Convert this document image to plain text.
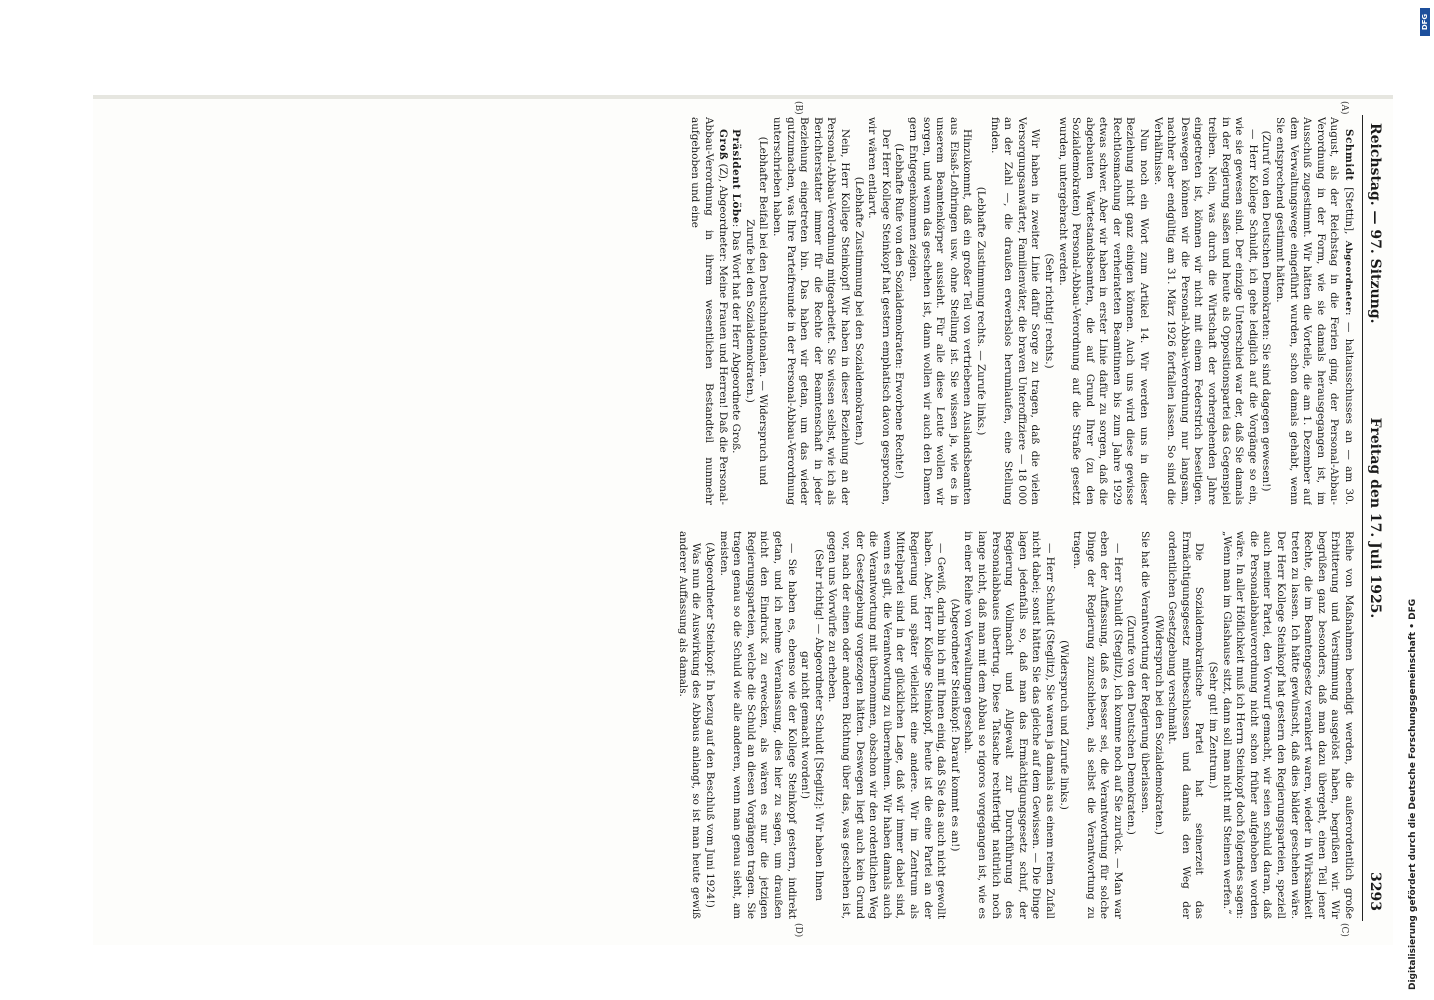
Reichstag. — 97. Sitzung.
Freitag den 17. Juli 1925.
3293
(A)
(B)
(C)
(D)

Schmidt [Stettin], Abgeordneter: — haltausschusses an — am 30. August, als der Reichstag in die Ferien ging, der Personal-Abbau-Verordnung in der Form, wie sie damals herausgegangen ist, im Ausschuß zugestimmt. Wir hätten die Vorteile, die am 1. Dezember auf dem Verwaltungswege eingeführt wurden, schon damals gehabt, wenn Sie entsprechend gestimmt hätten.

(Zuruf von den Deutschen Demokraten: Sie sind dagegen gewesen!)

— Herr Kollege Schuldt, ich gehe lediglich auf die Vorgänge so ein, wie sie gewesen sind. Der einzige Unterschied war der, daß Sie damals in der Regierung saßen und heute als Oppositionspartei das Gegenspiel treiben. Nein, was durch die Wirtschaft der vorhergehenden Jahre eingetreten ist, können wir nicht mit einem Federstrich beseitigen. Deswegen können wir die Personal-Abbau-Verordnung nur langsam, nachher aber endgültig am 31. März 1926 fortfallen lassen. So sind die Verhältnisse.

Nun noch ein Wort zum Artikel 14. Wir werden uns in dieser Beziehung nicht ganz einigen können. Auch uns wird diese gewisse Rechtlosmachung der verheirateten Beamtinnen bis zum Jahre 1929 etwas schwer. Aber wir haben in erster Linie dafür zu sorgen, daß die abgebauten Wartestandsbeamten, die auf Grund Ihrer (zu den Sozialdemokraten) Personal-Abbau-Verordnung auf die Straße gesetzt wurden, untergebracht werden.

(Sehr richtig! rechts.)

Wir haben in zweiter Linie dafür Sorge zu tragen, daß die vielen Versorgungsanwärter, Familienväter, die braven Unteroffiziere — 18 000 an der Zahl —, die draußen erwerbslos herumlaufen, eine Stellung finden.

(Lebhafte Zustimmung rechts. — Zurufe links.)

Hinzukommt, daß ein großer Teil von vertriebenen Auslandsbeamten aus Elsaß-Lothringen usw. ohne Stellung ist. Sie wissen ja, wie es in unserem Beamtenkörper aussieht. Für alle diese Leute wollen wir sorgen, und wenn das geschehen ist, dann wollen wir auch den Damen gern Entgegenkommen zeigen.

(Lebhafte Rufe von den Sozialdemokraten: Erworbene Rechte!)

Der Herr Kollege Steinkopf hat gestern emphatisch davon gesprochen, wir wären entlarvt.

(Lebhafte Zustimmung bei den Sozialdemokraten.)

Nein, Herr Kollege Steinkopf! Wir haben in dieser Beziehung an der Personal-Abbau-Verordnung mitgearbeitet. Sie wissen selbst, wie ich als Berichterstatter immer für die Rechte der Beamtenschaft in jeder Beziehung eingetreten bin. Das haben wir getan, um das wieder gutzumachen, was Ihre Parteifreunde in der Personal-Abbau-Verordnung unterschrieben haben.

(Lebhafter Beifall bei den Deutschnationalen. — Widerspruch und Zurufe bei den Sozialdemokraten.)

Präsident Löbe: Das Wort hat der Herr Abgeordnete Groß.

Groß (Z), Abgeordneter: Meine Frauen und Herren! Daß die Personal-Abbau-Verordnung in ihrem wesentlichen Bestandteil nunmehr aufgehoben und eine

Reihe von Maßnahmen beendigt werden, die außerordentlich große Erbitterung und Verstimmung ausgelöst haben, begrüßen wir. Wir begrüßen ganz besonders, daß man dazu übergeht, einen Teil jener Rechte, die im Beamtengesetz verankert waren, wieder in Wirksamkeit treten zu lassen. Ich hätte gewünscht, daß dies bälder geschehen wäre. Der Herr Kollege Steinkopf hat gestern den Regierungsparteien, speziell auch meiner Partei, den Vorwurf gemacht, wir seien schuld daran, daß die Personalabbauverordnung nicht schon früher aufgehoben worden wäre. In aller Höflichkeit muß ich Herrn Steinkopf doch folgendes sagen: „Wenn man im Glashause sitzt, dann soll man nicht mit Steinen werfen.“

(Sehr gut! im Zentrum.)

Die Sozialdemokratische Partei hat seinerzeit das Ermächtigungsgesetz mitbeschlossen und damals den Weg der ordentlichen Gesetzgebung verschmäht.

(Widerspruch bei den Sozialdemokraten.)

Sie hat die Verantwortung der Regierung überlassen.

(Zurufe von den Deutschen Demokraten.)

— Herr Schuldt (Steglitz), ich komme noch auf Sie zurück. — Man war eben der Auffassung, daß es besser sei, die Verantwortung für solche Dinge der Regierung zuzuschieben, als selbst die Verantwortung zu tragen.

(Widerspruch und Zurufe links.)

— Herr Schuldt (Steglitz), Sie waren ja damals aus einem reinen Zufall nicht dabei; sonst hätten Sie das gleiche auf dem Gewissen. — Die Dinge lagen jedenfalls so, daß man das Ermächtigungsgesetz schuf, der Regierung Vollmacht und Allgewalt zur Durchführung des Personalabbaues übertrug. Diese Tatsache rechtfertigt natürlich noch lange nicht, daß man mit dem Abbau so rigoros vorgegangen ist, wie es in einer Reihe von Verwaltungen geschah.

(Abgeordneter Steinkopf: Darauf kommt es an!)

— Gewiß, darin bin ich mit Ihnen einig, daß Sie das auch nicht gewollt haben. Aber, Herr Kollege Steinkopf, heute ist die eine Partei an der Regierung und später vielleicht eine andere. Wir im Zentrum als Mittelpartei sind in der glücklichen Lage, daß wir immer dabei sind, wenn es gilt, die Verantwortung zu übernehmen. Wir haben damals auch die Verantwortung mit übernommen, obschon wir den ordentlichen Weg der Gesetzgebung vorgezogen hätten. Deswegen liegt auch kein Grund vor, nach der einen oder anderen Richtung über das, was geschehen ist, gegen uns Vorwürfe zu erheben.

(Sehr richtig! — Abgeordneter Schuldt [Steglitz]: Wir haben Ihnen gar nicht gemacht worden!)

— Sie haben es, ebenso wie der Kollege Steinkopf gestern, indirekt getan, und ich nehme Veranlassung, dies hier zu sagen, um draußen nicht den Eindruck zu erwecken, als wären es nur die jetzigen Regierungsparteien, welche die Schuld an diesen Vorgängen tragen. Sie tragen genau so die Schuld wie alle anderen, wenn man genau sieht, am meisten.

(Abgeordneter Steinkopf: In bezug auf den Beschluß vom Juni 1924!)

Was nun die Auswirkung des Abbaus anlangt, so ist man heute gewiß anderer Auffassung als damals.

DFG
Digitalisierung gefördert durch die Deutsche Forschungsgemeinschaft • DFG
